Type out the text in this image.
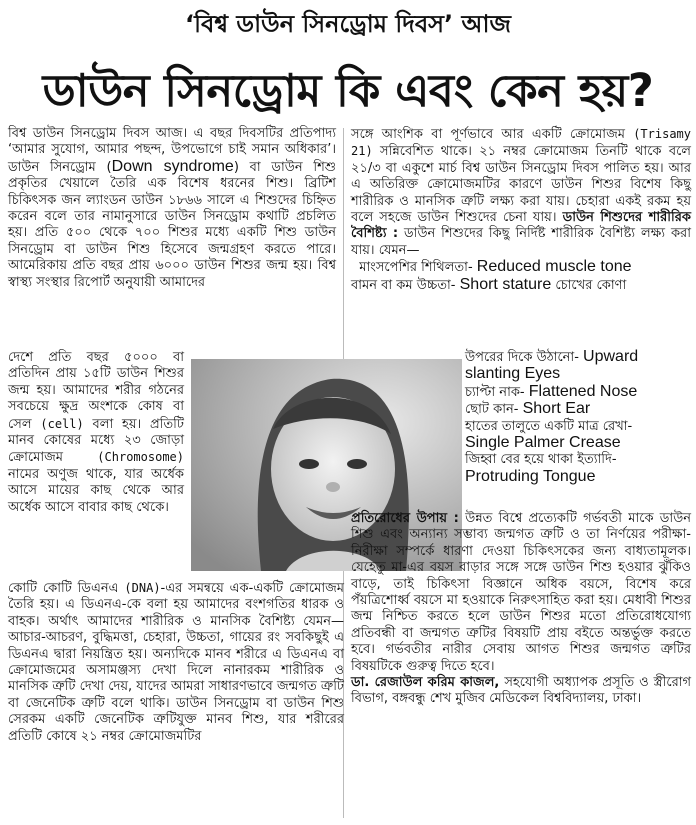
‘বিশ্ব ডাউন সিনড্রোম দিবস’ আজ
ডাউন সিনড্রোম কি এবং কেন হয়?

বিশ্ব ডাউন সিনড্রোম দিবস আজ। এ বছর দিবসটির প্রতিপাদ্য ‘আমার সুযোগ, আমার পছন্দ, উপভোগে চাই সমান অধিকার’। ডাউন সিনড্রোম (Down syndrome) বা ডাউন শিশু প্রকৃতির খেয়ালে তৈরি এক বিশেষ ধরনের শিশু। ব্রিটিশ চিকিৎসক জন ল্যাংডন ডাউন ১৮৬৬ সালে এ শিশুদের চিহ্নিত করেন বলে তার নামানুসারে ডাউন সিনড্রোম কথাটি প্রচলিত হয়। প্রতি ৫০০ থেকে ৭০০ শিশুর মধ্যে একটি শিশু ডাউন সিনড্রোম বা ডাউন শিশু হিসেবে জন্মগ্রহণ করতে পারে। আমেরিকায় প্রতি বছর প্রায় ৬০০০ ডাউন শিশুর জন্ম হয়। বিশ্ব স্বাস্থ্য সংস্থার রিপোর্ট অনুযায়ী আমাদের

দেশে প্রতি বছর ৫০০০ বা প্রতিদিন প্রায় ১৫টি ডাউন শিশুর জন্ম হয়। আমাদের শরীর গঠনের সবচেয়ে ক্ষুদ্র অংশকে কোষ বা সেল (cell) বলা হয়। প্রতিটি মানব কোষের মধ্যে ২৩ জোড়া ক্রোমোজম	(Chromosome) নামের অণুজ থাকে, যার অর্ধেক আসে মায়ের কাছ থেকে আর অর্ধেক আসে বাবার কাছ থেকে।

কোটি কোটি ডিএনএ (DNA)-এর সমন্বয়ে এক-একটি ক্রোমোজম তৈরি হয়। এ ডিএনএ-কে বলা হয় আমাদের বংশগতির ধারক ও বাহক। অর্থাৎ আমাদের শারীরিক ও মানসিক বৈশিষ্ট্য যেমন—আচার-আচরণ, বুদ্ধিমত্তা, চেহারা, উচ্চতা, গায়ের রং সবকিছুই এ ডিএনএ দ্বারা নিয়ন্ত্রিত হয়। অন্যদিকে মানব শরীরে এ ডিএনএ বা ক্রোমোজমের অসামঞ্জস্য দেখা দিলে নানারকম শারীরিক ও মানসিক ত্রুটি দেখা দেয়, যাদের আমরা সাধারণভাবে জন্মগত ত্রুটি বা জেনেটিক ত্রুটি বলে থাকি। ডাউন সিনড্রোম বা ডাউন শিশু সেরকম একটি জেনেটিক ত্রুটিযুক্ত মানব শিশু, যার শরীরের প্রতিটি কোষে ২১ নম্বর ক্রোমোজমটির

সঙ্গে আংশিক বা পূর্ণভাবে আর একটি ক্রোমোজম (Trisamy 21) সন্নিবেশিত থাকে। ২১ নম্বর ক্রোমোজম তিনটি থাকে বলে ২১/৩ বা একুশে মার্চ বিশ্ব ডাউন সিনড্রোম দিবস পালিত হয়। আর এ অতিরিক্ত ক্রোমোজমটির কারণে ডাউন শিশুর বিশেষ কিছু শারীরিক ও মানসিক ত্রুটি লক্ষ্য করা যায়। চেহারা একই রকম হয় বলে সহজে ডাউন শিশুদের চেনা যায়। ডাউন শিশুদের শারীরিক বৈশিষ্ট্য : ডাউন শিশুদের কিছু নির্দিষ্ট শারীরিক বৈশিষ্ট্য লক্ষ্য করা যায়। যেমন—
মাংসপেশির শিথিলতা- Reduced muscle tone
বামন বা কম উচ্চতা- Short stature চোখের কোণা

উপরের দিকে উঠানো- Upward slanting Eyes
চ্যাপ্টা নাক- Flattened Nose
ছোট কান- Short Ear
হাতের তালুতে একটি মাত্র রেখা-
Single Palmer Crease
জিহ্বা বের হয়ে থাকা ইত্যাদি-
Protruding Tongue

প্রতিরোধের উপায় : উন্নত বিশ্বে প্রত্যেকটি গর্ভবতী মাকে ডাউন শিশু এবং অন্যান্য সম্ভাব্য জন্মগত ত্রুটি ও তা নির্ণয়ের পরীক্ষা-নিরীক্ষা সম্পর্কে ধারণা দেওয়া চিকিৎসকের জন্য বাধ্যতামূলক। যেহেতু মা-এর বয়স বাড়ার সঙ্গে সঙ্গে ডাউন শিশু হওয়ার ঝুঁকিও বাড়ে, তাই চিকিৎসা বিজ্ঞানে অধিক বয়সে, বিশেষ করে পঁয়ত্রিশোর্ধ্ব বয়সে মা হওয়াকে নিরুৎসাহিত করা হয়। মেধাবী শিশুর জন্ম নিশ্চিত করতে হলে ডাউন শিশুর মতো প্রতিরোধযোগ্য প্রতিবন্ধী বা জন্মগত ত্রুটির বিষয়টি প্রায় বইতে অন্তর্ভুক্ত করতে হবে। গর্ভবতীর নারীর সেবায় আগত শিশুর জন্মগত ত্রুটির বিষয়টিকে গুরুত্ব দিতে হবে।
ডা. রেজাউল করিম কাজল, সহযোগী অধ্যাপক প্রসূতি ও স্ত্রীরোগ বিভাগ, বঙ্গবন্ধু শেখ মুজিব মেডিকেল বিশ্ববিদ্যালয়, ঢাকা।
